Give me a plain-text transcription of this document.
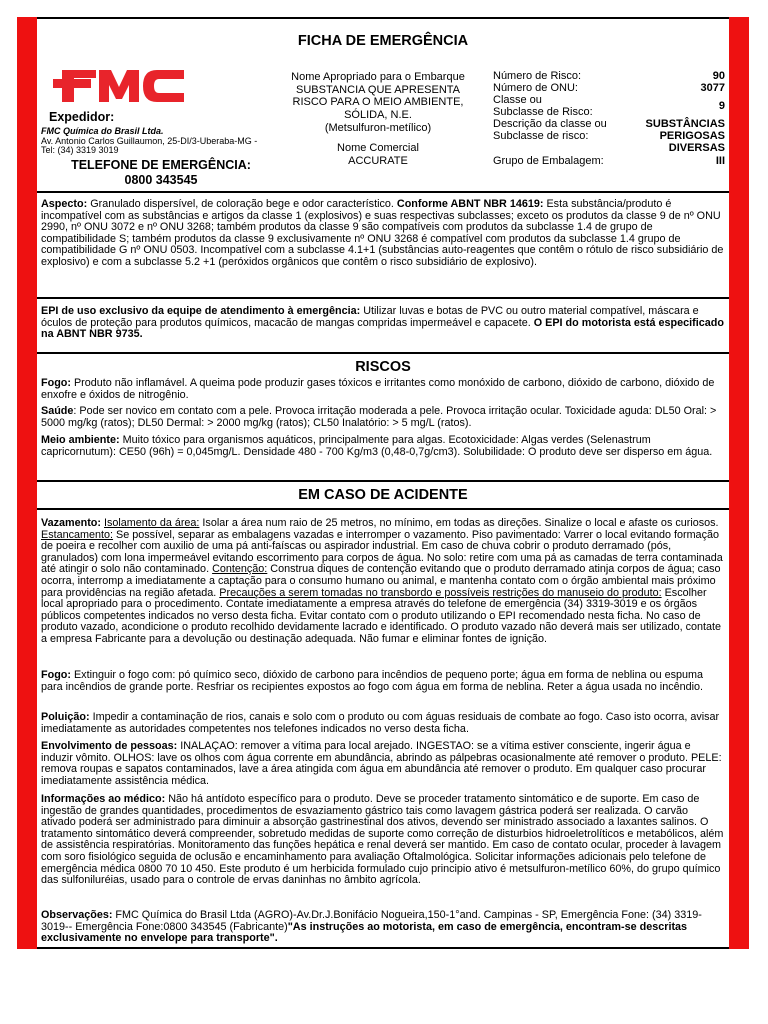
FICHA DE EMERGÊNCIA
Expedidor:
FMC Química do Brasil Ltda.
Av. Antonio Carlos Guillaumon, 25-DI/3-Uberaba-MG -
Tel: (34) 3319 3019
TELEFONE DE EMERGÊNCIA:
0800 343545
Nome Apropriado para o Embarque
SUBSTANCIA QUE APRESENTA
RISCO PARA O MEIO AMBIENTE,
SÓLIDA, N.E.
(Metsulfuron-metílico)
Nome Comercial
ACCURATE
Número de Risco:	90
Número de ONU:	3077
Classe ou
Subclasse de Risco:	9
Descrição da classe ou
Subclasse de risco:
SUBSTÂNCIAS
PERIGOSAS
DIVERSAS
Grupo de Embalagem:	III
Aspecto: Granulado dispersível, de coloração bege e odor característico. Conforme ABNT NBR 14619: Esta substância/produto é incompatível com as substâncias e artigos da classe 1 (explosivos) e suas respectivas subclasses; exceto os produtos da classe 9 de nº ONU 2990, nº ONU 3072 e nº ONU 3268; também produtos da classe 9 são compatíveis com produtos da subclasse 1.4 de grupo de compatibilidade S; também produtos da classe 9 exclusivamente nº ONU 3268 é compatível com produtos da subclasse 1.4 grupo de compatibilidade G nº ONU 0503. Incompatível com a subclasse 4.1+1 (substâncias auto-reagentes que contêm o rótulo de risco subsidiário de explosivo) e com a subclasse 5.2 +1 (peróxidos orgânicos que contêm o risco subsidiário de explosivo).
EPI de uso exclusivo da equipe de atendimento à emergência: Utilizar luvas e botas de PVC ou outro material compatível, máscara e óculos de proteção para produtos químicos, macacão de mangas compridas impermeável e capacete. O EPI do motorista está especificado na ABNT NBR 9735.
RISCOS
Fogo: Produto não inflamável. A queima pode produzir gases tóxicos e irritantes como monóxido de carbono, dióxido de carbono, dióxido de enxofre e óxidos de nitrogênio.
Saúde: Pode ser novico em contato com a pele. Provoca irritação moderada a pele. Provoca irritação ocular. Toxicidade aguda: DL50 Oral: > 5000 mg/kg (ratos); DL50 Dermal: > 2000 mg/kg (ratos); CL50 Inalatório: > 5 mg/L (ratos).
Meio ambiente: Muito tóxico para organismos aquáticos, principalmente para algas. Ecotoxicidade: Algas verdes (Selenastrum capricornutum): CE50 (96h) = 0,045mg/L. Densidade 480 - 700 Kg/m3 (0,48-0,7g/cm3). Solubilidade: O produto deve ser disperso em água.
EM CASO DE ACIDENTE
Vazamento: Isolamento da área: Isolar a área num raio de 25 metros, no mínimo, em todas as direções. Sinalize o local e afaste os curiosos. Estancamento: Se possível, separar as embalagens vazadas e interromper o vazamento. Piso pavimentado: Varrer o local evitando formação de poeira e recolher com auxilio de uma pá anti-faíscas ou aspirador industrial. Em caso de chuva cobrir o produto derramado (pós, granulados) com lona impermeável evitando escorrimento para corpos de água. No solo: retire com uma pá as camadas de terra contaminada até atingir o solo não contaminado. Contenção: Construa diques de contenção evitando que o produto derramado atinja corpos de água; caso ocorra, interromp a imediatamente a captação para o consumo humano ou animal, e mantenha contato com o órgão ambiental mais próximo para providências na região afetada. Precauções a serem tomadas no transbordo e possíveis restrições do manuseio do produto: Escolher local apropriado para o procedimento. Contate imediatamente a empresa através do telefone de emergência (34) 3319-3019 e os órgãos públicos competentes indicados no verso desta ficha. Evitar contato com o produto utilizando o EPI recomendado nesta ficha. No caso de produto vazado, acondicione o produto recolhido devidamente lacrado e identificado. O produto vazado não deverá mais ser utilizado, contate a empresa Fabricante para a devolução ou destinação adequada. Não fumar e eliminar fontes de ignição.
Fogo: Extinguir o fogo com: pó químico seco, dióxido de carbono para incêndios de pequeno porte; água em forma de neblina ou espuma para incêndios de grande porte. Resfriar os recipientes expostos ao fogo com água em forma de neblina. Reter a água usada no incêndio.
Poluição: Impedir a contaminação de rios, canais e solo com o produto ou com águas residuais de combate ao fogo. Caso isto ocorra, avisar imediatamente as autoridades competentes nos telefones indicados no verso desta ficha.
Envolvimento de pessoas: INALAÇAO: remover a vítima para local arejado. INGESTAO: se a vítima estiver consciente, ingerir água e induzir vômito. OLHOS: lave os olhos com água corrente em abundância, abrindo as pálpebras ocasionalmente até remover o produto. PELE: remova roupas e sapatos contaminados, lave a área atingida com água em abundância até remover o produto. Em qualquer caso procurar imediatamente assistência médica.
Informações ao médico: Não há antídoto específico para o produto. Deve se proceder tratamento sintomático e de suporte. Em caso de ingestão de grandes quantidades, procedimentos de esvaziamento gástrico tais como lavagem gástrica poderá ser realizada. O carvão ativado poderá ser administrado para diminuir a absorção gastrinestinal dos ativos, devendo ser ministrado associado a laxantes salinos. O tratamento sintomático deverá compreender, sobretudo medidas de suporte como correção de disturbios hidroeletrolíticos e metabólicos, além de assistência respiratórias. Monitoramento das funções hepática e renal deverá ser mantido. Em caso de contato ocular, proceder à lavagem com soro fisiológico seguida de oclusão e encaminhamento para avaliação Oftalmológica. Solicitar informações adicionais pelo telefone de emergência médica 0800 70 10 450. Este produto é um herbicida formulado cujo principio ativo é metsulfuron-metílico 60%, do grupo químico das sulfoniluréias, usado para o controle de ervas daninhas no âmbito agrícola.
Observações: FMC Química do Brasil Ltda (AGRO)-Av.Dr.J.Bonifácio Nogueira,150-1°and. Campinas - SP, Emergência Fone: (34) 3319-3019-- Emergência Fone:0800 343545 (Fabricante)"As instruções ao motorista, em caso de emergência, encontram-se descritas exclusivamente no envelope para transporte".
